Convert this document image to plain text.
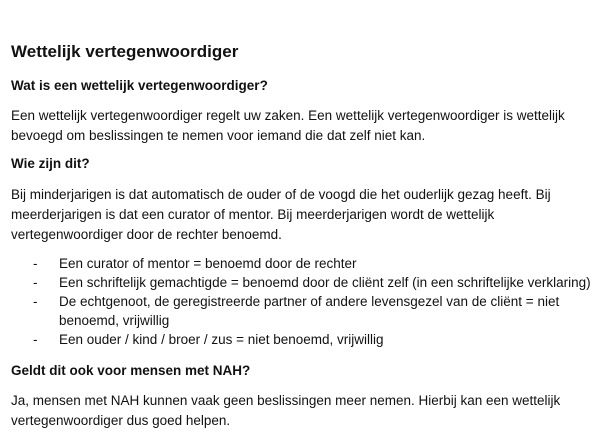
Wettelijk vertegenwoordiger

Wat is een wettelijk vertegenwoordiger?

Een wettelijk vertegenwoordiger regelt uw zaken. Een wettelijk vertegenwoordiger is wettelijk
bevoegd om beslissingen te nemen voor iemand die dat zelf niet kan.

Wie zijn dit?

Bij minderjarigen is dat automatisch de ouder of de voogd die het ouderlijk gezag heeft. Bij
meerderjarigen is dat een curator of mentor. Bij meerderjarigen wordt de wettelijk
vertegenwoordiger door de rechter benoemd.

- Een curator of mentor = benoemd door de rechter
- Een schriftelijk gemachtigde = benoemd door de cliënt zelf (in een schriftelijke verklaring)
- De echtgenoot, de geregistreerde partner of andere levensgezel van de cliënt = niet
benoemd, vrijwillig
- Een ouder / kind / broer / zus = niet benoemd, vrijwillig

Geldt dit ook voor mensen met NAH?

Ja, mensen met NAH kunnen vaak geen beslissingen meer nemen. Hierbij kan een wettelijk
vertegenwoordiger dus goed helpen.
